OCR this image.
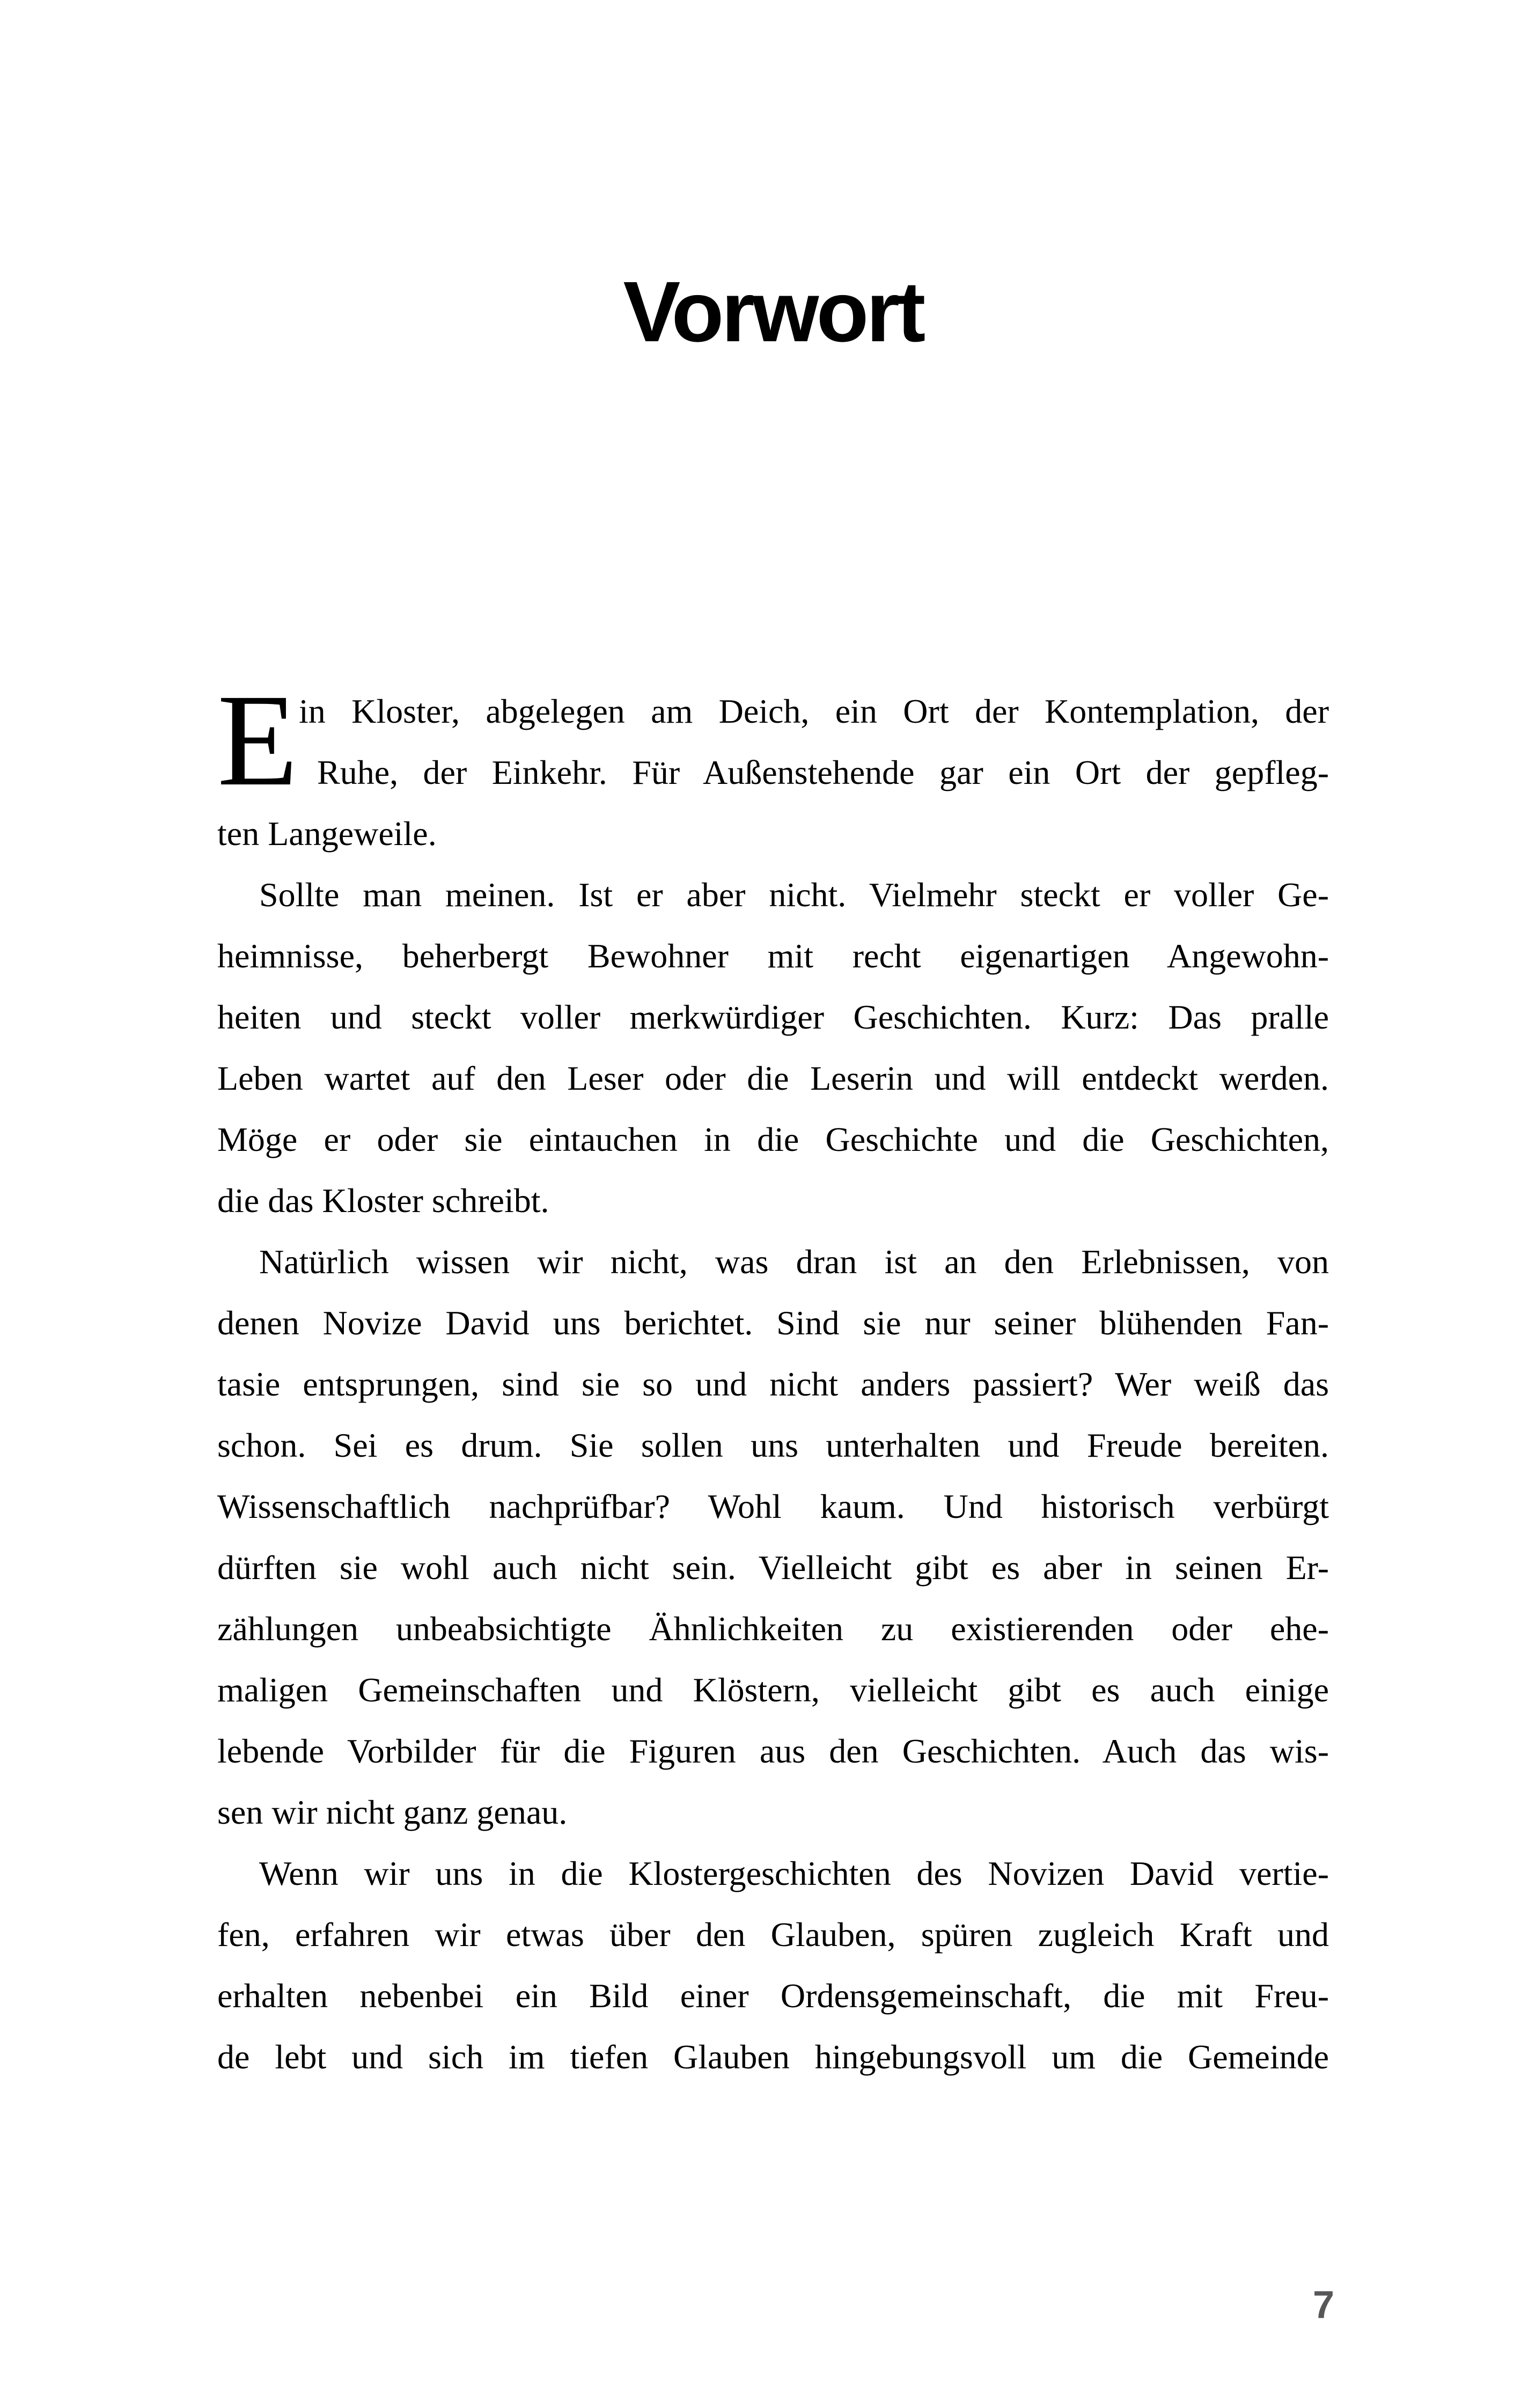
Vorwort
E in Kloster, abgelegen am Deich, ein Ort der Kontemplation, der
Ruhe, der Einkehr. Für Außenstehende gar ein Ort der gepfleg-
ten Langeweile.
Sollte man meinen. Ist er aber nicht. Vielmehr steckt er voller Ge-
heimnisse, beherbergt Bewohner mit recht eigenartigen Angewohn-
heiten und steckt voller merkwürdiger Geschichten. Kurz: Das pralle
Leben wartet auf den Leser oder die Leserin und will entdeckt werden.
Möge er oder sie eintauchen in die Geschichte und die Geschichten,
die das Kloster schreibt.
Natürlich wissen wir nicht, was dran ist an den Erlebnissen, von
denen Novize David uns berichtet. Sind sie nur seiner blühenden Fan-
tasie entsprungen, sind sie so und nicht anders passiert? Wer weiß das
schon. Sei es drum. Sie sollen uns unterhalten und Freude bereiten.
Wissenschaftlich nachprüfbar? Wohl kaum. Und historisch verbürgt
dürften sie wohl auch nicht sein. Vielleicht gibt es aber in seinen Er-
zählungen unbeabsichtigte Ähnlichkeiten zu existierenden oder ehe-
maligen Gemeinschaften und Klöstern, vielleicht gibt es auch einige
lebende Vorbilder für die Figuren aus den Geschichten. Auch das wis-
sen wir nicht ganz genau.
Wenn wir uns in die Klostergeschichten des Novizen David vertie-
fen, erfahren wir etwas über den Glauben, spüren zugleich Kraft und
erhalten nebenbei ein Bild einer Ordensgemeinschaft, die mit Freu-
de lebt und sich im tiefen Glauben hingebungsvoll um die Gemeinde
7
